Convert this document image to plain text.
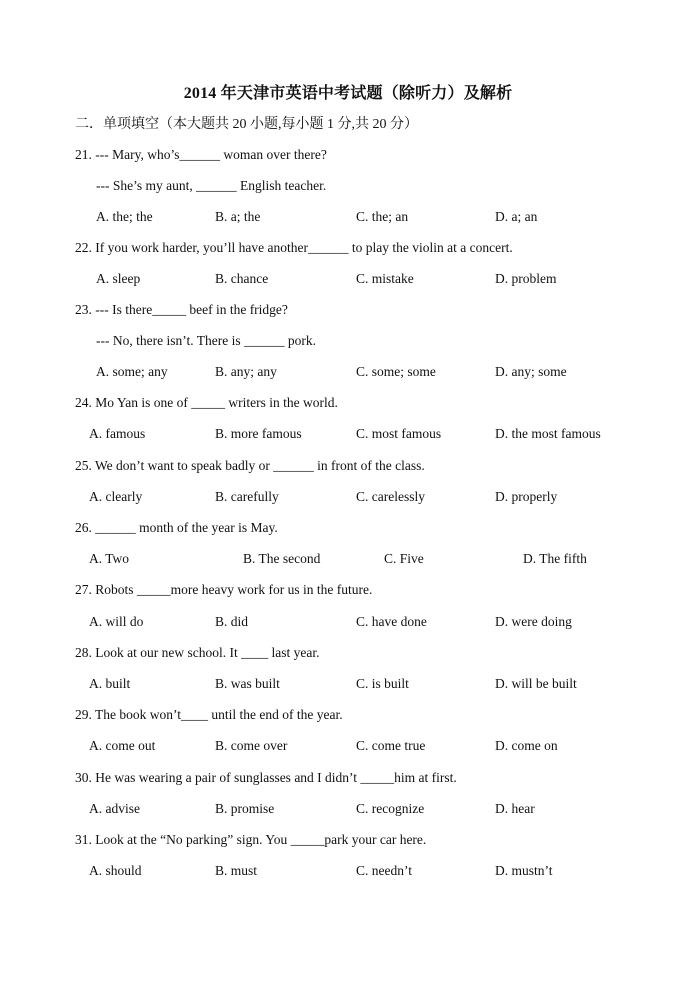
2014 年天津市英语中考试题（除听力）及解析
二．单项填空（本大题共 20 小题,每小题 1 分,共 20 分）
21. --- Mary, who’s______ woman over there?
--- She’s my aunt, ______ English teacher.
A. the; the	B. a; the	C. the; an	D. a; an
22. If you work harder, you’ll have another______ to play the violin at a concert.
A. sleep	B. chance	C. mistake	D. problem
23. --- Is there_____ beef in the fridge?
--- No, there isn’t. There is ______ pork.
A. some; any	B. any; any	C. some; some	D. any; some
24. Mo Yan is one of _____ writers in the world.
A. famous	B. more famous	C. most famous	D. the most famous
25. We don’t want to speak badly or ______ in front of the class.
A. clearly	B. carefully	C. carelessly	D. properly
26. ______ month of the year is May.
A. Two	B. The second	C. Five	D. The fifth
27. Robots _____more heavy work for us in the future.
A. will do	B. did	C. have done	D. were doing
28. Look at our new school. It ____ last year.
A. built	B. was built	C. is built	D. will be built
29. The book won’t____ until the end of the year.
A. come out	B. come over	C. come true	D. come on
30. He was wearing a pair of sunglasses and I didn’t _____him at first.
A. advise	B. promise	C. recognize	D. hear
31. Look at the “No parking” sign. You _____park your car here.
A. should	B. must	C. needn’t	D. mustn’t
